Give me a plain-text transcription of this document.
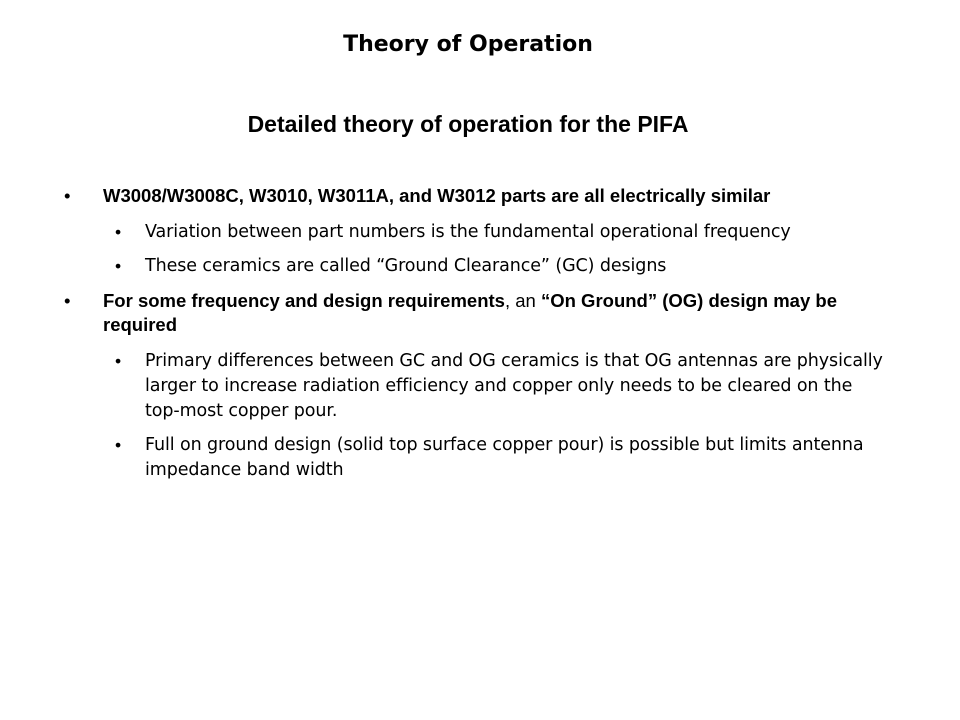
Theory of Operation
Detailed theory of operation for the PIFA
• W3008/W3008C, W3010, W3011A, and W3012 parts are all electrically similar
• Variation between part numbers is the fundamental operational frequency
• These ceramics are called “Ground Clearance” (GC) designs
• For some frequency and design requirements, an “On Ground” (OG) design may be required
• Primary differences between GC and OG ceramics is that OG antennas are physically larger to increase radiation efficiency and copper only needs to be cleared on the top-most copper pour.
• Full on ground design (solid top surface copper pour) is possible but limits antenna impedance band width
